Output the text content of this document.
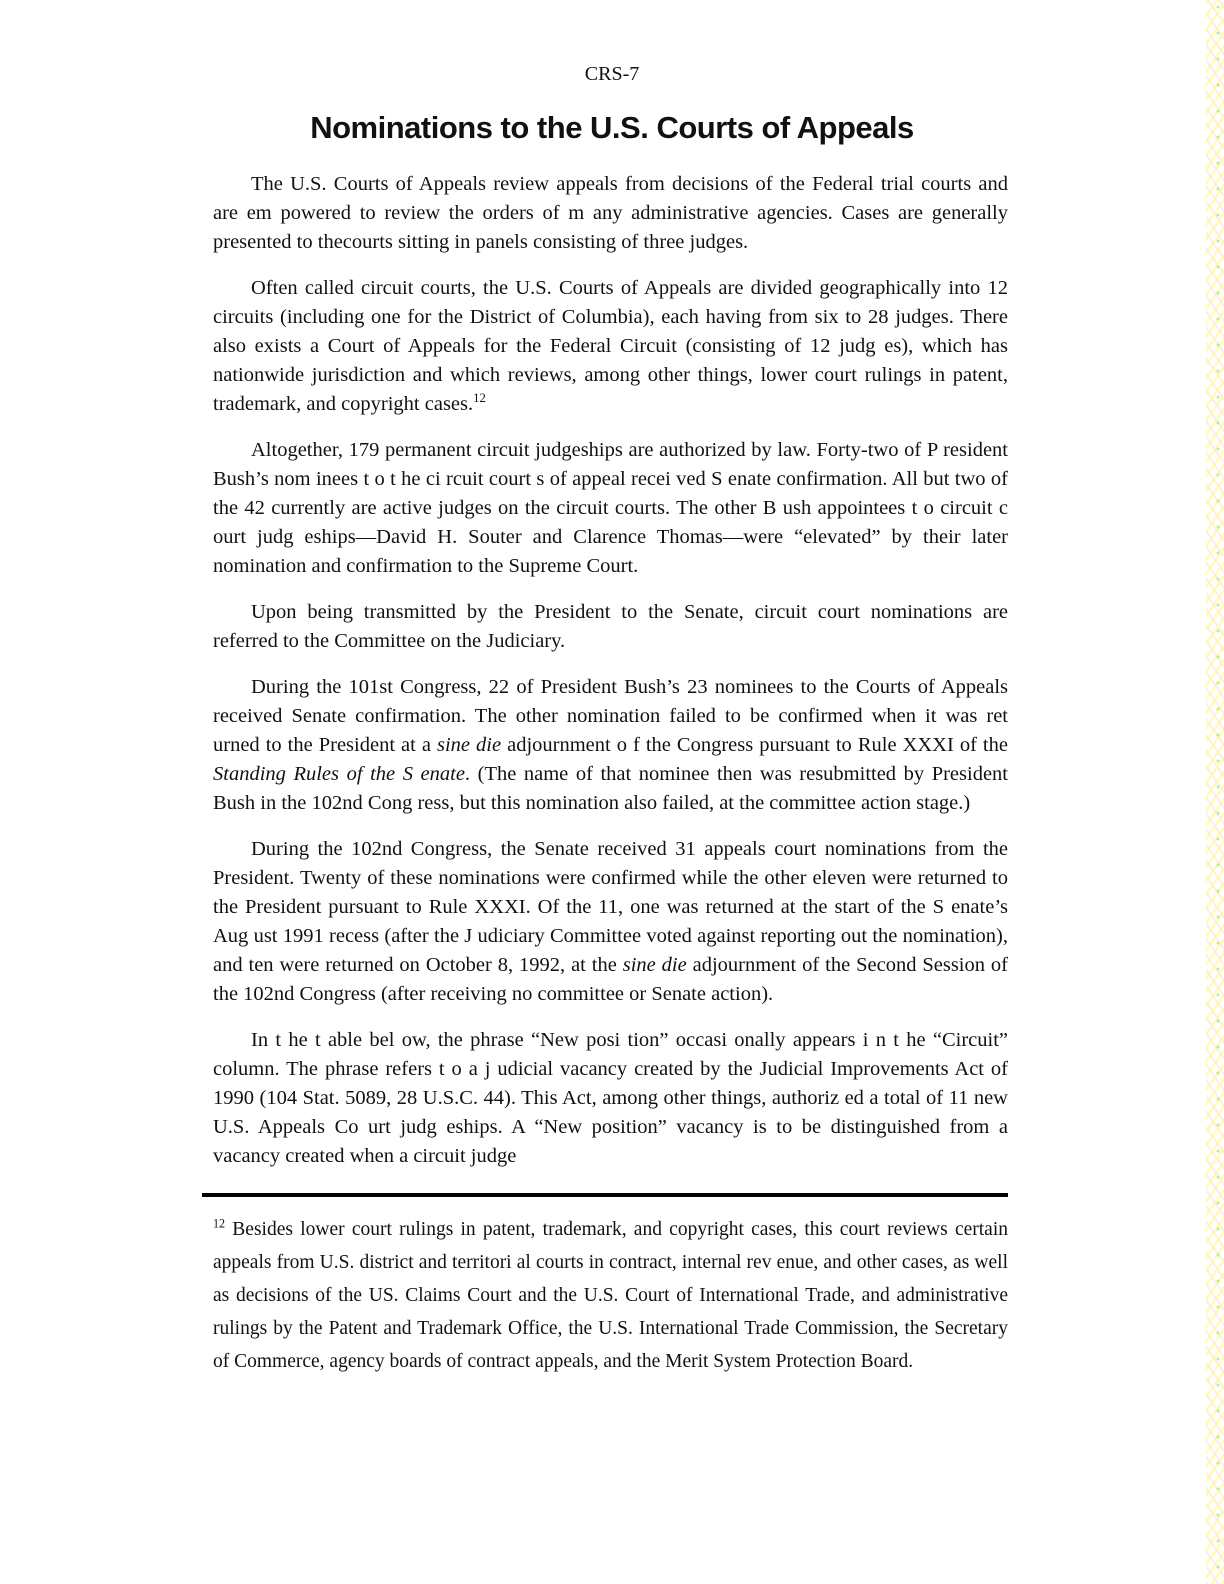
CRS-7
Nominations to the U.S. Courts of Appeals

The U.S. Courts of Appeals review appeals from decisions of the Federal trial courts and are em powered to review the orders of m any administrative agencies. Cases are generally presented to thecourts sitting in panels consisting of three judges.

Often called circuit courts, the U.S. Courts of Appeals are divided geographically into 12 circuits (including one for the District of Columbia), each having from six to 28 judges. There also exists a Court of Appeals for the Federal Circuit (consisting of 12 judg es), which has nationwide jurisdiction and which reviews, among other things, lower court rulings in patent, trademark, and copyright cases.$^{12}$

Altogether, 179 permanent circuit judgeships are authorized by law. Forty-two of P resident Bush’s nom inees t o t he ci rcuit court s of appeal recei ved S enate confirmation. All but two of the 42 currently are active judges on the circuit courts. The other B ush appointees t o circuit c ourt judg eships—David H. Souter and Clarence Thomas—were “elevated” by their later nomination and confirmation to the Supreme Court.

Upon being transmitted by the President to the Senate, circuit court nominations are referred to the Committee on the Judiciary.

During the 101st Congress, 22 of President Bush’s 23 nominees to the Courts of Appeals received Senate confirmation. The other nomination failed to be confirmed when it was ret urned to the President at a sine die adjournment o f the Congress pursuant to Rule XXXI of the Standing Rules of the S enate. (The name of that nominee then was resubmitted by President Bush in the 102nd Cong ress, but this nomination also failed, at the committee action stage.)

During the 102nd Congress, the Senate received 31 appeals court nominations from the President. Twenty of these nominations were confirmed while the other eleven were returned to the President pursuant to Rule XXXI. Of the 11, one was returned at the start of the S enate’s Aug ust 1991 recess (after the J udiciary Committee voted against reporting out the nomination), and ten were returned on October 8, 1992, at the sine die adjournment of the Second Session of the 102nd Congress (after receiving no committee or Senate action).

In t he t able bel ow, the phrase “New posi tion” occasi onally appears i n t he “Circuit” column. The phrase refers t o a j udicial vacancy created by the Judicial Improvements Act of 1990 (104 Stat. 5089, 28 U.S.C. 44). This Act, among other things, authoriz ed a total of 11 new U.S. Appeals Co urt judg eships. A “New position” vacancy is to be distinguished from a vacancy created when a circuit judge

$^{12}$ Besides lower court rulings in patent, trademark, and copyright cases, this court reviews certain appeals from U.S. district and territori al courts in contract, internal rev enue, and other cases, as well as decisions of the US. Claims Court and the U.S. Court of International Trade, and administrative rulings by the Patent and Trademark Office, the U.S. International Trade Commission, the Secretary of Commerce, agency boards of contract appeals, and the Merit System Protection Board.
